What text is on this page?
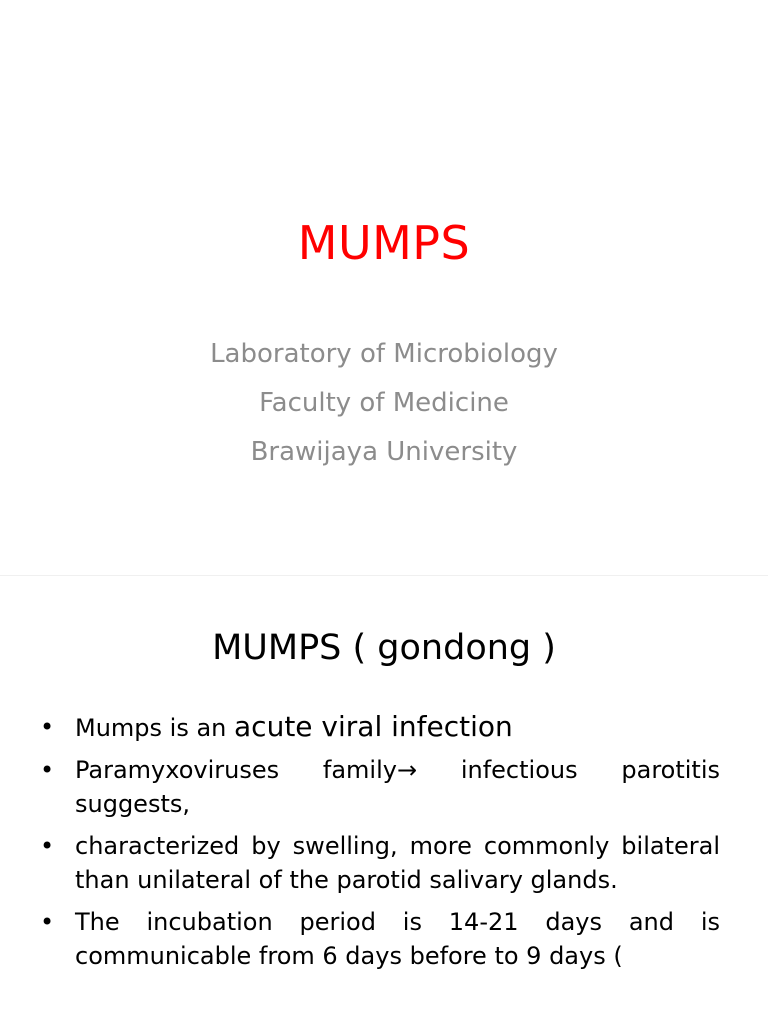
MUMPS
Laboratory of Microbiology
Faculty of Medicine
Brawijaya University
MUMPS ( gondong )
• Mumps is an acute viral infection
• Paramyxoviruses family→ infectious parotitis suggests,
• characterized by swelling, more commonly bilateral than unilateral of the parotid salivary glands.
• The incubation period is 14-21 days and is communicable from 6 days before to 9 days (
